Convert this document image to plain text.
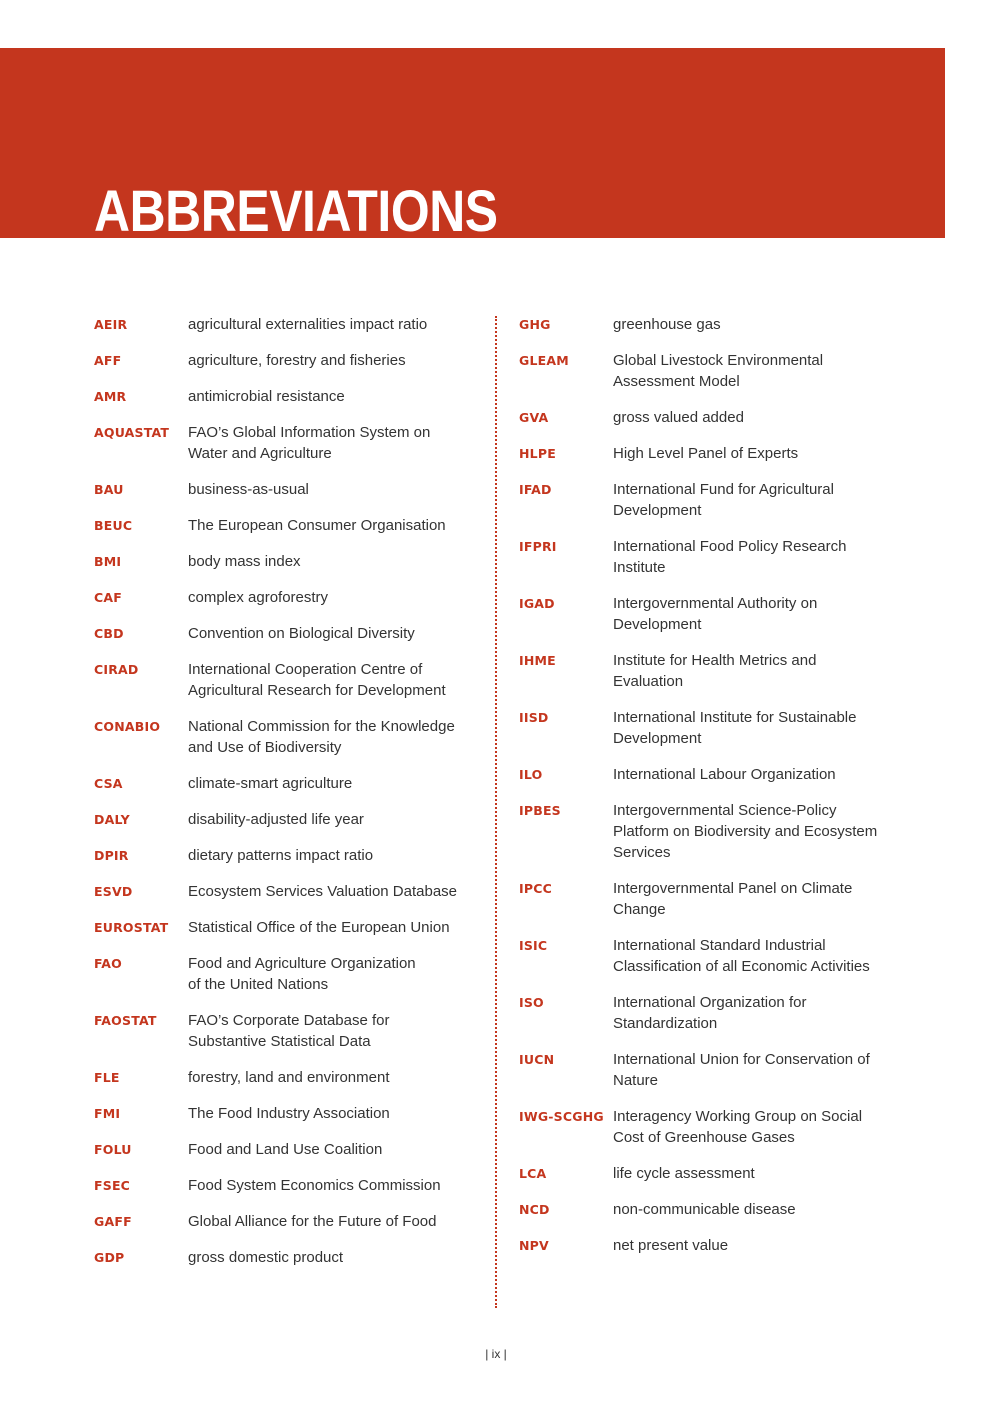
ABBREVIATIONS
AEIR	agricultural externalities impact ratio
AFF	agriculture, forestry and fisheries
AMR	antimicrobial resistance
AQUASTAT	FAO’s Global Information System on
Water and Agriculture
BAU	business-as-usual
BEUC	The European Consumer Organisation
BMI	body mass index
CAF	complex agroforestry
CBD	Convention on Biological Diversity
CIRAD	International Cooperation Centre of
Agricultural Research for Development
CONABIO	National Commission for the Knowledge
and Use of Biodiversity
CSA	climate-smart agriculture
DALY	disability-adjusted life year
DPIR	dietary patterns impact ratio
ESVD	Ecosystem Services Valuation Database
EUROSTAT	Statistical Office of the European Union
FAO	Food and Agriculture Organization
of the United Nations
FAOSTAT	FAO’s Corporate Database for
Substantive Statistical Data
FLE	forestry, land and environment
FMI	The Food Industry Association
FOLU	Food and Land Use Coalition
FSEC	Food System Economics Commission
GAFF	Global Alliance for the Future of Food
GDP	gross domestic product
GHG	greenhouse gas
GLEAM	Global Livestock Environmental
Assessment Model
GVA	gross valued added
HLPE	High Level Panel of Experts
IFAD	International Fund for Agricultural
Development
IFPRI	International Food Policy Research
Institute
IGAD	Intergovernmental Authority on
Development
IHME	Institute for Health Metrics and
Evaluation
IISD	International Institute for Sustainable
Development
ILO	International Labour Organization
IPBES	Intergovernmental Science-Policy
Platform on Biodiversity and Ecosystem
Services
IPCC	Intergovernmental Panel on Climate
Change
ISIC	International Standard Industrial
Classification of all Economic Activities
ISO	International Organization for
Standardization
IUCN	International Union for Conservation of
Nature
IWG-SCGHG Interagency Working Group on Social
Cost of Greenhouse Gases
LCA	life cycle assessment
NCD	non-communicable disease
NPV	net present value
| ix |
